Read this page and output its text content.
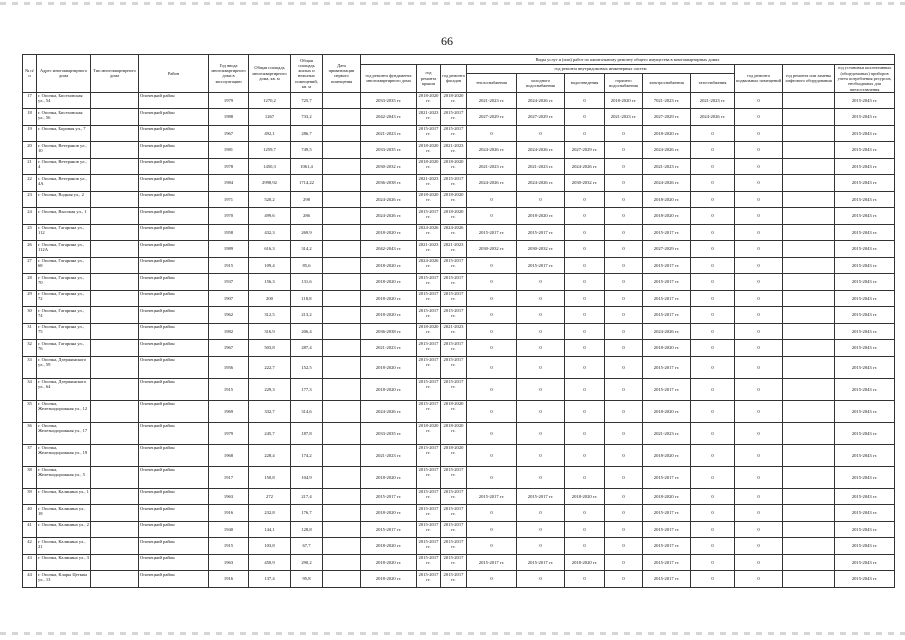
66
№ п/п	Адрес многоквартирного дома	Тип многоквартирного дома	Район	Год ввода многоквартирного дома в эксплуатацию	Общая площадь многоквартирного дома, кв. м	Общая площадь жилых и нежилых помещений, кв. м	Дата приватизации первого помещения	Виды услуг и (или) работ по капитальному ремонту общего имущества в многоквартирных домах											
								год ремонта фундамента многоквартирного дома	год ремонта крыши	год ремонта фасадов	год ремонта внутридомовых инженерных систем						год ремонта подвальных помещений	год ремонта или замены лифтового оборудования	год установки коллективных (общедомовых) приборов учета потребления ресурсов, необходимых для предоставления

											теплоснабжения	холодного водоснабжения	водоотведения	горячего водоснабжения	электроснабжения	газоснабжения			
17	г. Опочка, Бисеховская ул., 54		Опочецкий район	1979	1270,2	725,7		2033-2035 гг.	2018-2020 гг.	2018-2020 гг.	2021-2023 гг.	2024-2026 гг.	0	2018-2020 гг.	7021-2023 гг.	2021-2023 гг.	0		2015-2043 гг.
18	г. Опочка, Бисеховская ул., 56		Опочецкий район	1988	1267	733,2		2042-2043 гг.	2021-2023 гг.	2015-2017 гг.	2027-2029 гг.	2027-2029 гг.	0	2021-2023 гг.	2027-2029 гг.	2024-2026 гг.	0		2015-2043 гг.
19	г. Опочка, Боровая ул., 7		Опочецкий район	1967	492,1	286,7		2021-2023 гг.	2015-2017 гг.	2015-2017 гг.	0	0	0	0	2018-2020 гг.	0	0		2015-2043 гг.
20	г. Опочка, Ветеранов ул., 10		Опочецкий район	1981	1259,7	749,5		2033-2035 гг.	2018-2020 гг.	2021-2023 гг.	2024-2026 гг.	2024-2026 гг.	2027-2029 гг.	0	2024-2026 гг.	0	0		2015-2043 гг.
21	г. Опочка, Ветеранов ул., 4		Опочецкий район	1978	1450,3	1061,4		2030-2032 гг.	2018-2020 гг.	2018-2020 гг.	2021-2023 гг.	2021-2023 гг.	2024-2026 гг.	0	2021-2023 гг.	0	0		2015-2043 гг.
22	г. Опочка, Ветеранов ул., 4А		Опочецкий район	1984	2998,92	1714,22		2036-2038 гг.	2021-2023 гг.	2015-2017 гг.	2024-2026 гг.	2024-2026 гг.	2030-2032 гг.	0	2024-2026 гг.	0	0		2015-2043 гг.
23	г. Опочка, Водная ул., 2		Опочецкий район	1971	520,2	298		2024-2026 гг.	2018-2020 гг.	2018-2020 гг.	0	0	0	0	2018-2020 гг.	0	0		2015-2043 гг.
24	г. Опочка, Высокая ул., 1		Опочецкий район	1970	499,6	286		2024-2026 гг.	2015-2017 гг.	2018-2020 гг.	0	2018-2020 гг.	0	0	2018-2020 гг.	0	0		2015-2043 гг.
25	г. Опочка, Гагарина ул., 112		Опочецкий район	1958	432,3	269,9		2018-2020 гг.	2024-2026 гг.	2024-2026 гг.	2015-2017 гг.	2015-2017 гг.	0	0	2015-2017 гг.	0	0		2015-2043 гг.
26	г. Опочка, Гагарина ул., 112А		Опочецкий район	1989	616,3	314,2		2042-2043 гг.	2021-2023 гг.	2021-2023 гг.	2030-2032 гг.	2030-2032 гг.	0	0	2027-2029 гг.	0	0		2015-2043 гг.
27	г. Опочка, Гагарина ул., 68		Опочецкий район	1915	109,4	85,6		2018-2020 гг.	2024-2026 гг.	2015-2017 гг.	0	2015-2017 гг.	0	0	2015-2017 гг.	0	0		2015-2043 гг.
28	г. Опочка, Гагарина ул., 70		Опочецкий район	1937	156,3	131,6		2018-2020 гг.	2015-2017 гг.	2015-2017 гг.	0	0	0	0	2015-2017 гг.	0	0		2015-2043 гг.
29	г. Опочка, Гагарина ул., 72		Опочецкий район	1907	200	118,8		2018-2020 гг.	2015-2017 гг.	2015-2017 гг.	0	0	0	0	2015-2017 гг.	0	0		2015-2043 гг.
30	г. Опочка, Гагарина ул., 74		Опочецкий район	1962	312,5	213,2		2018-2020 гг.	2015-2017 гг.	2015-2017 гг.	0	0	0	0	2015-2017 гг.	0	0		2015-2043 гг.
31	г. Опочка, Гагарина ул., 75		Опочецкий район	1982	316,9	206,4		2036-2038 гг.	2018-2020 гг.	2021-2023 гг.	0	0	0	0	2024-2026 гг.	0	0		2015-2043 гг.
32	г. Опочка, Гагарина ул., 76		Опочецкий район	1967	503,8	287,4		2021-2023 гг.	2015-2017 гг.	2015-2017 гг.	0	0	0	0	2018-2020 гг.	0	0		2015-2043 гг.
33	г. Опочка, Дзержинского ул., 59		Опочецкий район	1956	222,7	152,5		2018-2020 гг.	2015-2017 гг.	2015-2017 гг.	0	0	0	0	2015-2017 гг.	0	0		2015-2043 гг.
34	г. Опочка, Дзержинского ул., 64		Опочецкий район	1915	229,3	177,3		2018-2020 гг.	2015-2017 гг.	2015-2017 гг.	0	0	0	0	2015-2017 гг.	0	0		2015-2043 гг.
35	г. Опочка, Железнодорожная ул., 12		Опочецкий район	1969	332,7	314,6		2024-2026 гг.	2015-2017 гг.	2018-2020 гг.	0	0	0	0	2018-2020 гг.	0	0		2015-2043 гг.
36	г. Опочка, Железнодорожная ул., 17		Опочецкий район	1979	245,7	187,8		2033-2035 гг.	2018-2020 гг.	2018-2020 гг.	0	0	0	0	2021-2023 гг.	0	0		2015-2043 гг.
37	г. Опочка, Железнодорожная ул., 19		Опочецкий район	1968	228,4	174,2		2021-2023 гг.	2015-2017 гг.	2018-2020 гг.	0	0	0	0	2018-2020 гг.	0	0		2015-2043 гг.
38	г. Опочка, Железнодорожная ул., 5		Опочецкий район	1917	150,8	104,9		2018-2020 гг.	2015-2017 гг.	2015-2017 гг.	0	0	0	0	2015-2017 гг.	0	0		2015-2043 гг.
39	г. Опочка, Калинина ул., 1		Опочецкий район	1963	272	217,4		2015-2017 гг.	2015-2017 гг.	2015-2017 гг.	2015-2017 гг.	2015-2017 гг.	2018-2020 гг.	0	2018-2020 гг.	0	0		2015-2043 гг.
40	г. Опочка, Калинина ул., 18		Опочецкий район	1916	232,8	176,7		2018-2020 гг.	2015-2017 гг.	2015-2017 гг.	0	0	0	0	2015-2017 гг.	0	0		2015-2043 гг.
41	г. Опочка, Калинина ул., 2		Опочецкий район	1940	144,1	128,8		2015-2017 гг.	2015-2017 гг.	2015-2017 гг.	0	0	0	0	2015-2017 гг.	0	0		2015-2043 гг.
42	г. Опочка, Калинина ул., 21		Опочецкий район	1915	103,8	67,7		2018-2020 гг.	2015-2017 гг.	2015-2017 гг.	0	0	0	0	2015-2017 гг.	0	0		2015-2043 гг.
43	г. Опочка, Калинина ул., 3		Опочецкий район	1963	450,9	290,2		2018-2020 гг.	2015-2017 гг.	2015-2017 гг.	2015-2017 гг.	2015-2017 гг.	2018-2020 гг.	0	2015-2017 гг.	0	0		2015-2043 гг.
44	г. Опочка, Клары Цеткин ул., 13		Опочецкий район	1916	137,4	95,8		2018-2020 гг.	2015-2017 гг.	2015-2017 гг.	0	0	0	0	2015-2017 гг.	0	0		2015-2043 гг.
